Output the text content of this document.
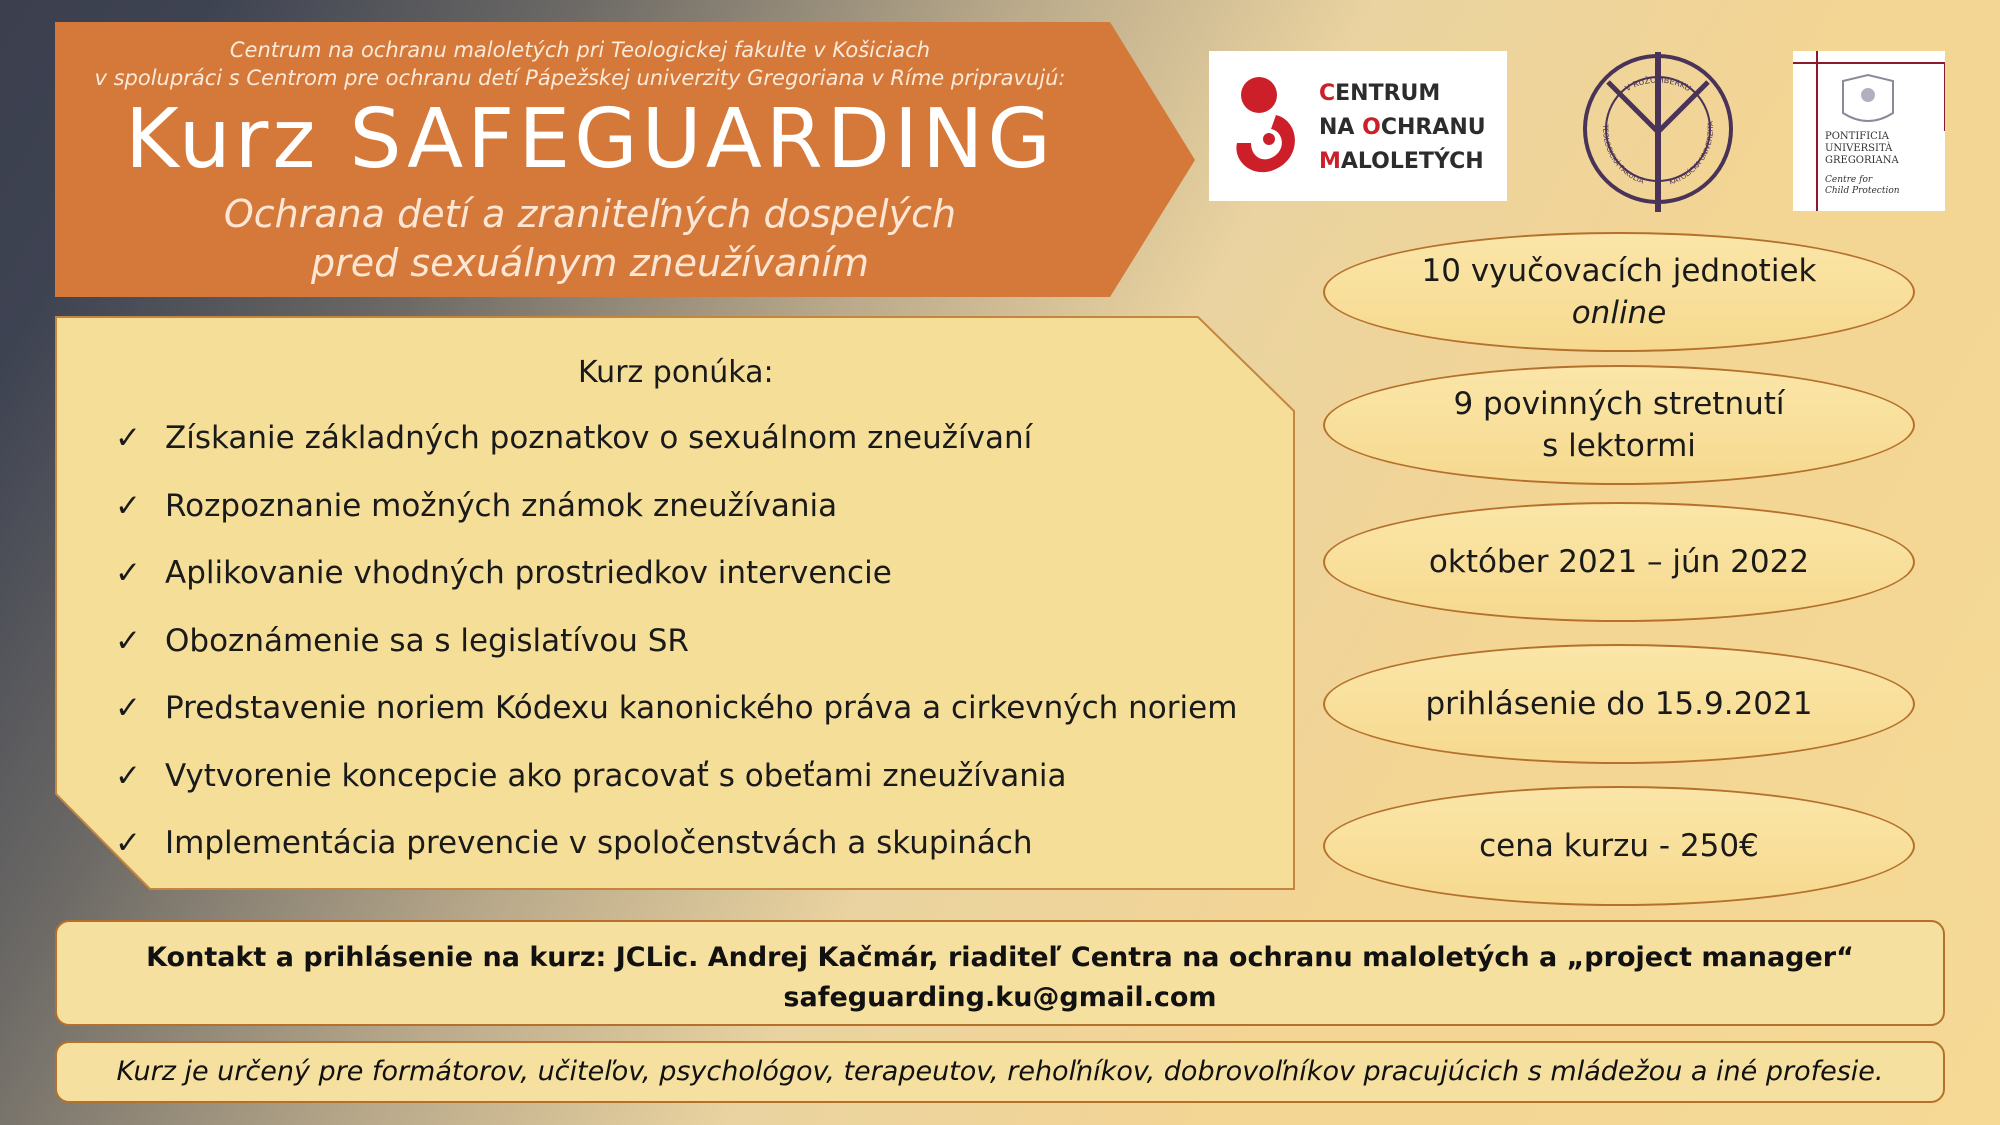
Centrum na ochranu maloletých pri Teologickej fakulte v Košiciach
v spolupráci s Centrom pre ochranu detí Pápežskej univerzity Gregoriana v Ríme pripravujú:
Kurz SAFEGUARDING
Ochrana detí a zraniteľných dospelých
pred sexuálnym zneužívaním
CENTRUM
NA OCHRANU
MALOLETÝCH
V RUŽOMBERKU
TEOLOGICKÁ FAKULTA	KATOLÍCKA UNIVERZITA
PONTIFICIA
UNIVERSITÀ
GREGORIANA
Centre for
Child Protection
Kurz ponúka:
✓ Získanie základných poznatkov o sexuálnom zneužívaní
✓ Rozpoznanie možných známok zneužívania
✓ Aplikovanie vhodných prostriedkov intervencie
✓ Oboznámenie sa s legislatívou SR
✓ Predstavenie noriem Kódexu kanonického práva a cirkevných noriem
✓ Vytvorenie koncepcie ako pracovať s obeťami zneužívania
✓ Implementácia prevencie v spoločenstvách a skupinách
10 vyučovacích jednotiek
online
9 povinných stretnutí
s lektormi
október 2021 – jún 2022
prihlásenie do 15.9.2021
cena kurzu - 250€
Kontakt a prihlásenie na kurz: JCLic. Andrej Kačmár, riaditeľ Centra na ochranu maloletých a „project manager“
safeguarding.ku@gmail.com
Kurz je určený pre formátorov, učiteľov, psychológov, terapeutov, rehoľníkov, dobrovoľníkov pracujúcich s mládežou a iné profesie.
